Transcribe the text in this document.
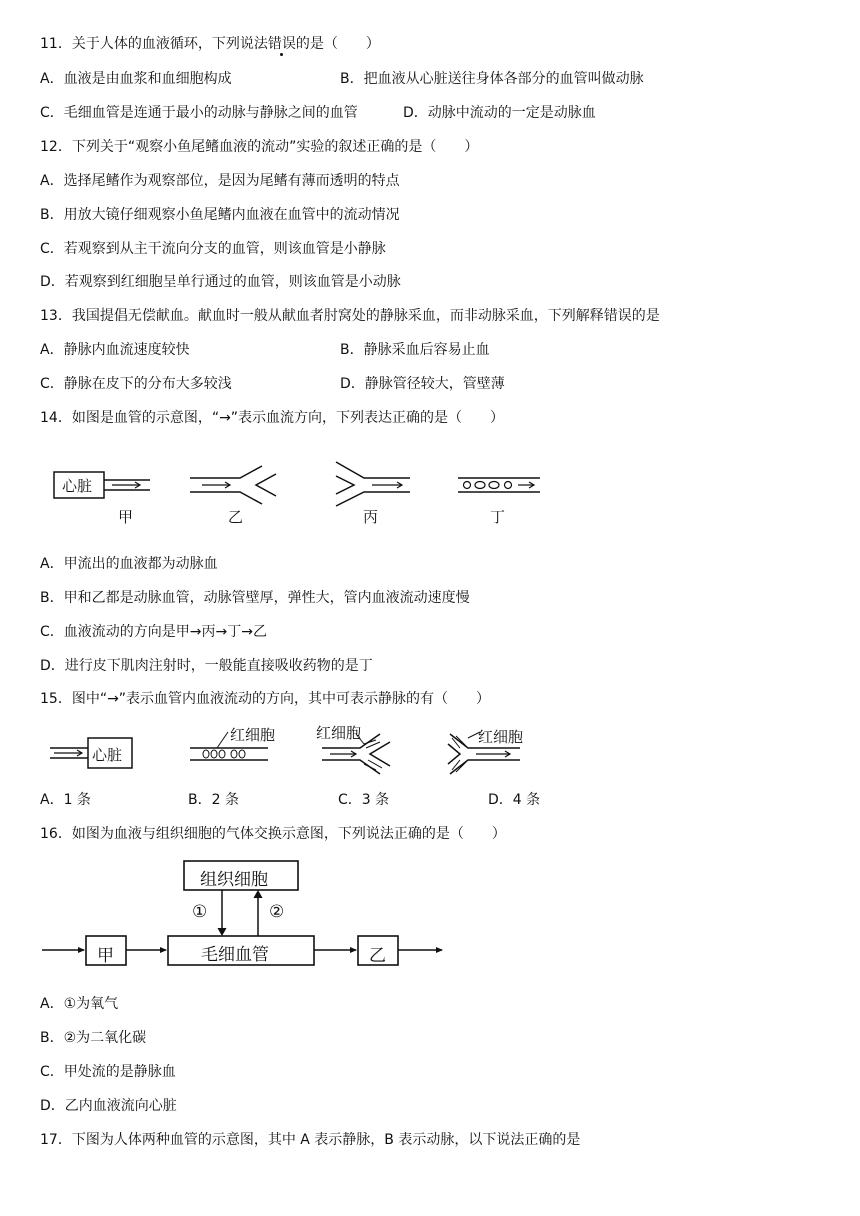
11．关于人体的血液循环，下列说法错误的是（　　）
A．血液是由血浆和血细胞构成	B．把血液从心脏送往身体各部分的血管叫做动脉
C．毛细血管是连通于最小的动脉与静脉之间的血管	D．动脉中流动的一定是动脉血
12．下列关于“观察小鱼尾鳍血液的流动”实验的叙述正确的是（　　）
A．选择尾鳍作为观察部位，是因为尾鳍有薄而透明的特点
B．用放大镜仔细观察小鱼尾鳍内血液在血管中的流动情况
C．若观察到从主干流向分支的血管，则该血管是小静脉
D．若观察到红细胞呈单行通过的血管，则该血管是小动脉
13．我国提倡无偿献血。献血时一般从献血者肘窝处的静脉采血，而非动脉采血，下列解释错误的是
A．静脉内血流速度较快	B．静脉采血后容易止血
C．静脉在皮下的分布大多较浅	D．静脉管径较大，管壁薄
14．如图是血管的示意图，“→”表示血流方向，下列表达正确的是（　　）
心脏
甲	乙	丙	丁
A．甲流出的血液都为动脉血
B．甲和乙都是动脉血管，动脉管壁厚，弹性大，管内血液流动速度慢
C．血液流动的方向是甲→丙→丁→乙
D．进行皮下肌肉注射时，一般能直接吸收药物的是丁
15．图中“→”表示血管内血液流动的方向，其中可表示静脉的有（　　）
心脏
红细胞	红细胞	红细胞
A．1 条	B．2 条	C．3 条	D．4 条
16．如图为血液与组织细胞的气体交换示意图，下列说法正确的是（　　）
组织细胞
毛细血管
甲	乙
①	②
A．①为氧气
B．②为二氧化碳
C．甲处流的是静脉血
D．乙内血液流向心脏
17．下图为人体两种血管的示意图，其中 A 表示静脉，B 表示动脉，以下说法正确的是
